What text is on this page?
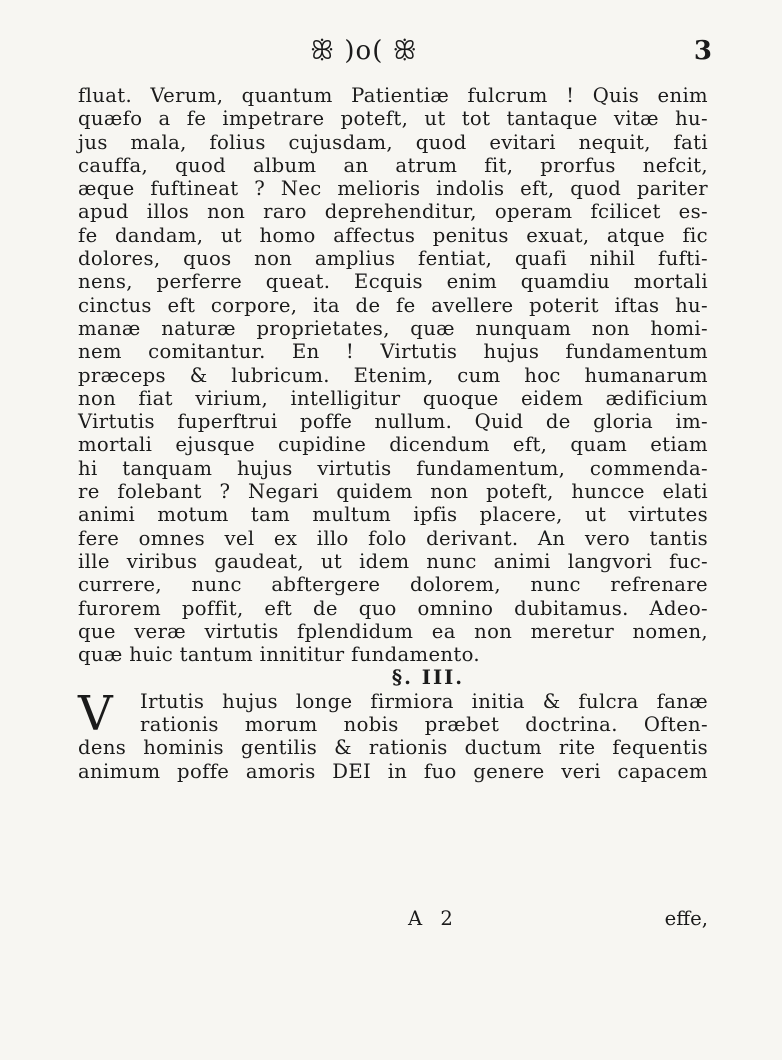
ꕥ )o( ꕥ	3
fluat. Verum, quantum Patientiæ fulcrum ! Quis enim
quæfo a fe impetrare poteft, ut tot tantaque vitæ hu-
jus mala, folius cujusdam, quod evitari nequit, fati
cauffa, quod album an atrum fit, prorfus nefcit,
æque fuftineat ? Nec melioris indolis eft, quod pariter
apud illos non raro deprehenditur, operam fcilicet es-
fe dandam, ut homo affectus penitus exuat, atque fic
dolores, quos non amplius fentiat, quafi nihil fufti-
nens, perferre queat. Ecquis enim quamdiu mortali
cinctus eft corpore, ita de fe avellere poterit iftas hu-
manæ naturæ proprietates, quæ nunquam non homi-
nem comitantur. En ! Virtutis hujus fundamentum
præceps & lubricum. Etenim, cum hoc humanarum
non fiat virium, intelligitur quoque eidem ædificium
Virtutis fuperftrui poffe nullum. Quid de gloria im-
mortali ejusque cupidine dicendum eft, quam etiam
hi tanquam hujus virtutis fundamentum, commenda-
re folebant ? Negari quidem non poteft, huncce elati
animi motum tam multum ipfis placere, ut virtutes
fere omnes vel ex illo folo derivant. An vero tantis
ille viribus gaudeat, ut idem nunc animi langvori fuc-
currere, nunc abftergere dolorem, nunc refrenare
furorem poffit, eft de quo omnino dubitamus. Adeo-
que veræ virtutis fplendidum ea non meretur nomen,
quæ huic tantum innititur fundamento.
§. III.
V	Irtutis hujus longe firmiora initia & fulcra fanæ
rationis morum nobis præbet doctrina. Often-
dens hominis gentilis & rationis ductum rite fequentis
animum poffe amoris DEI in fuo genere veri capacem
A 2	effe,
